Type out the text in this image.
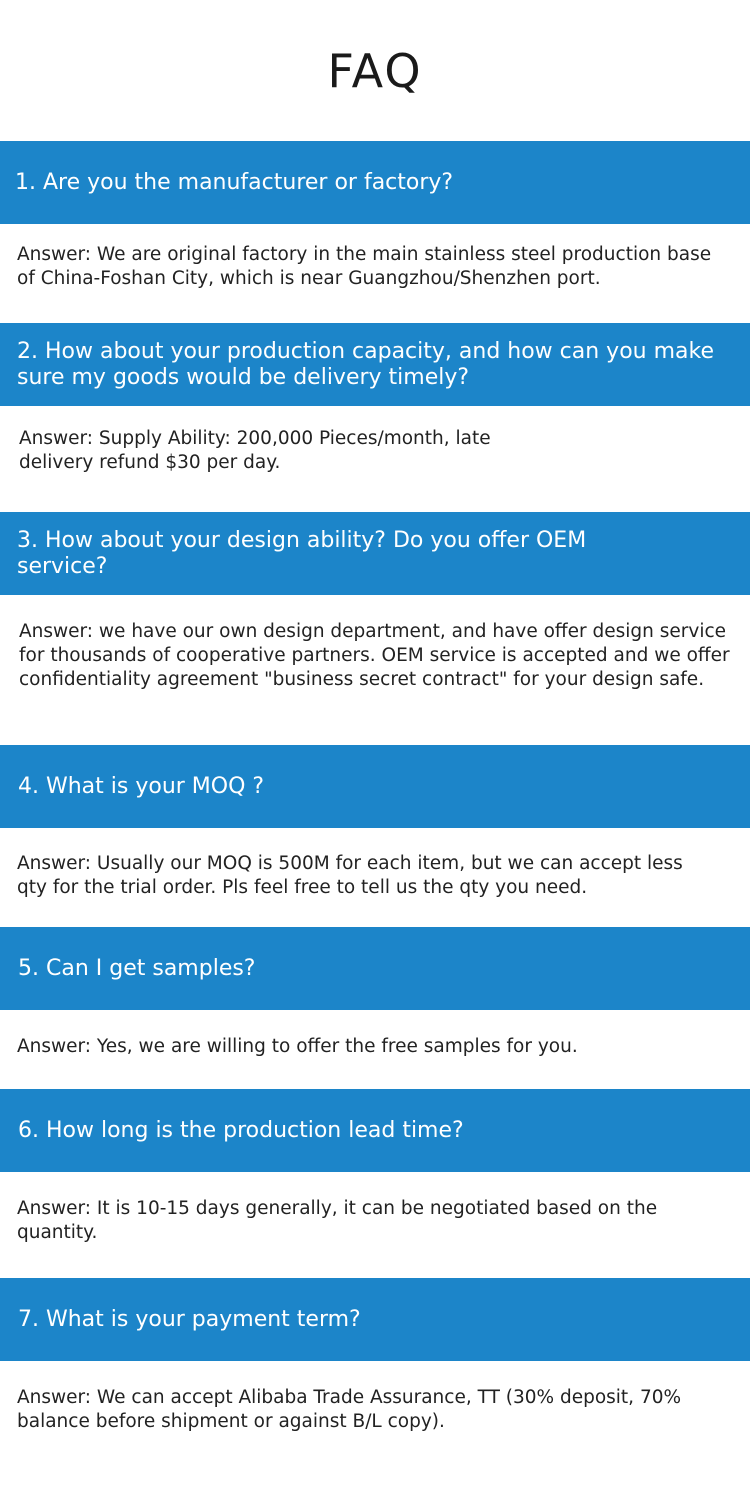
FAQ
1. Are you the manufacturer or factory?
Answer: We are original factory in the main stainless steel production base of China-Foshan City, which is near Guangzhou/Shenzhen port.
2. How about your production capacity, and how can you make sure my goods would be delivery timely?
Answer: Supply Ability: 200,000 Pieces/month, late delivery refund $30 per day.
3. How about your design ability? Do you offer OEM service?
Answer: we have our own design department, and have offer design service for thousands of cooperative partners. OEM service is accepted and we offer confidentiality agreement "business secret contract" for your design safe.
4. What is your MOQ ?
Answer: Usually our MOQ is 500M for each item, but we can accept less qty for the trial order. Pls feel free to tell us the qty you need.
5. Can I get samples?
Answer: Yes, we are willing to offer the free samples for you.
6. How long is the production lead time?
Answer: It is 10-15 days generally, it can be negotiated based on the quantity.
7. What is your payment term?
Answer: We can accept Alibaba Trade Assurance, TT (30% deposit, 70% balance before shipment or against B/L copy).
